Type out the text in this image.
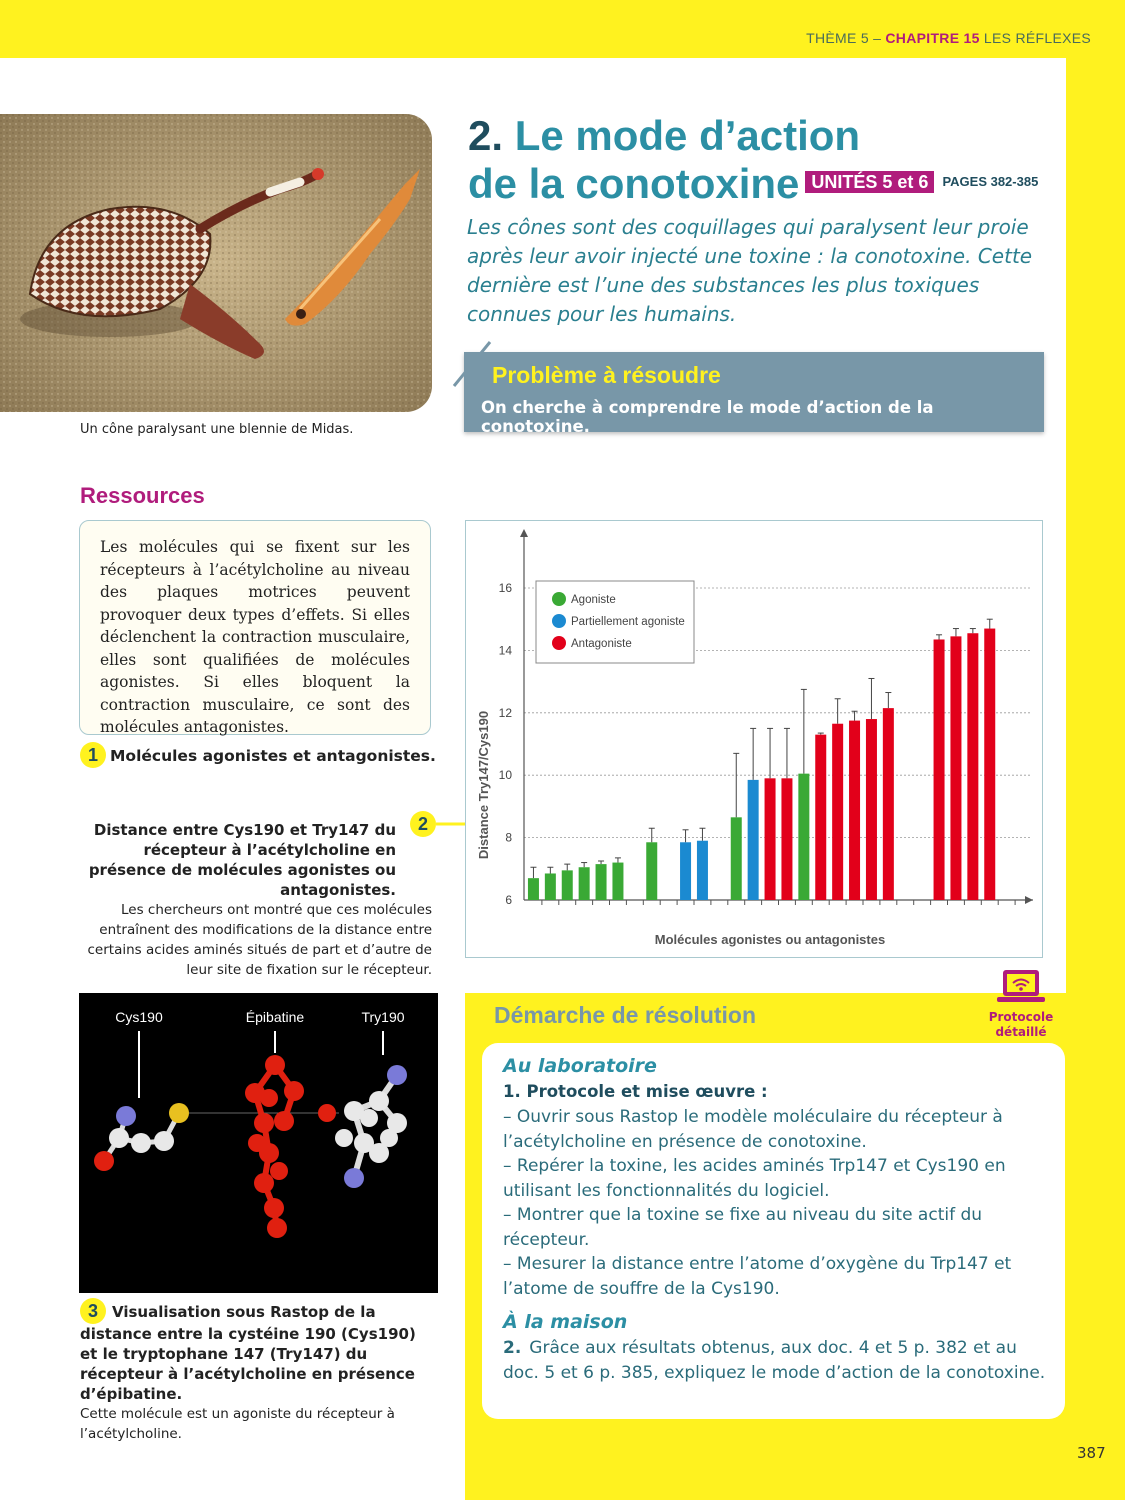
THÈME 5 – CHAPITRE 15 LES RÉFLEXES
Un cône paralysant une blennie de Midas.
2. Le mode d’action
de la conotoxine UNITÉS 5 et 6 PAGES 382-385
Les cônes sont des coquillages qui paralysent leur proie après leur avoir injecté une toxine : la conotoxine. Cette dernière est l’une des substances les plus toxiques connues pour les humains.
Problème à résoudre
On cherche à comprendre le mode d’action de la conotoxine.
Ressources
Les molécules qui se fixent sur les récepteurs à l’acétylcholine au niveau des plaques motrices peuvent provoquer deux types d’effets. Si elles déclenchent la contraction musculaire, elles sont qualifiées de molécules agonistes. Si elles bloquent la contraction musculaire, ce sont des molécules antagonistes.
1 Molécules agonistes et antagonistes.
Distance entre Cys190 et Try147 du récepteur à l’acétylcholine en présence de molécules agonistes ou antagonistes.
Les chercheurs ont montré que ces molécules entraînent des modifications de la distance entre certains acides aminés situés de part et d’autre de leur site de fixation sur le récepteur.
2
6
8
10
12
14
16
Agoniste
Partiellement agoniste
Antagoniste
Distance Try147/Cys190
Molécules agonistes ou antagonistes
Cys190	Épibatine	Try190
3 Visualisation sous Rastop de la distance entre la cystéine 190 (Cys190) et le tryptophane 147 (Try147) du récepteur à l’acétylcholine en présence d’épibatine.
Cette molécule est un agoniste du récepteur à l’acétylcholine.
Démarche de résolution	Protocole détaillé
Au laboratoire
1. Protocole et mise œuvre :
– Ouvrir sous Rastop le modèle moléculaire du récepteur à
l’acétylcholine en présence de conotoxine.
– Repérer la toxine, les acides aminés Trp147 et Cys190 en
utilisant les fonctionnalités du logiciel.
– Montrer que la toxine se fixe au niveau du site actif du
récepteur.
– Mesurer la distance entre l’atome d’oxygène du Trp147 et
l’atome de souffre de la Cys190.
À la maison
2. Grâce aux résultats obtenus, aux doc. 4 et 5 p. 382 et au
doc. 5 et 6 p. 385, expliquez le mode d’action de la conotoxine.
387
